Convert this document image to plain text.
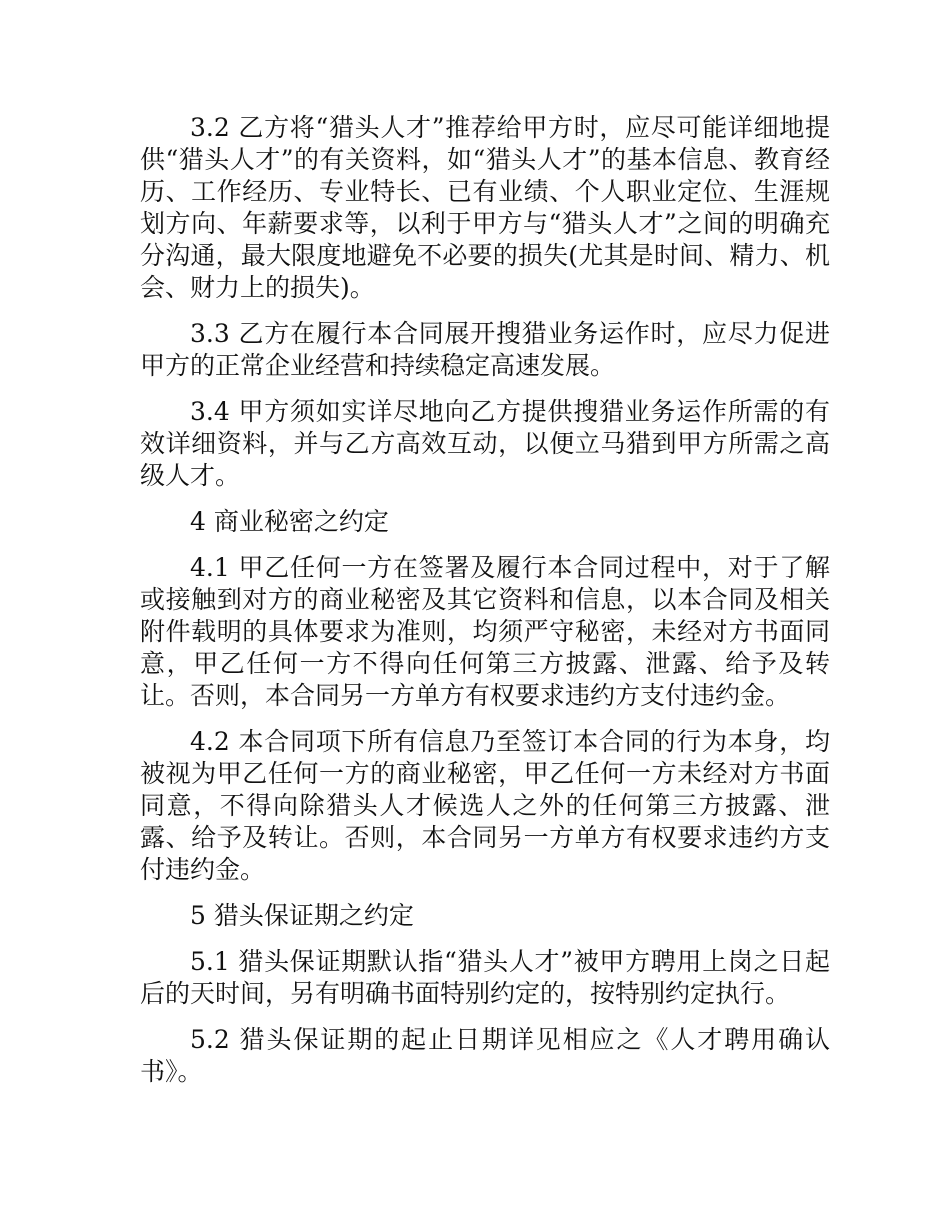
3.2 乙方将“猎头人才”推荐给甲方时，应尽可能详细地提供“猎头人才”的有关资料，如“猎头人才”的基本信息、教育经历、工作经历、专业特长、已有业绩、个人职业定位、生涯规划方向、年薪要求等，以利于甲方与“猎头人才”之间的明确充分沟通，最大限度地避免不必要的损失(尤其是时间、精力、机会、财力上的损失)。

3.3 乙方在履行本合同展开搜猎业务运作时，应尽力促进甲方的正常企业经营和持续稳定高速发展。

3.4 甲方须如实详尽地向乙方提供搜猎业务运作所需的有效详细资料，并与乙方高效互动，以便立马猎到甲方所需之高级人才。

4 商业秘密之约定

4.1 甲乙任何一方在签署及履行本合同过程中，对于了解或接触到对方的商业秘密及其它资料和信息，以本合同及相关附件载明的具体要求为准则，均须严守秘密，未经对方书面同意，甲乙任何一方不得向任何第三方披露、泄露、给予及转让。否则，本合同另一方单方有权要求违约方支付违约金。

4.2 本合同项下所有信息乃至签订本合同的行为本身，均被视为甲乙任何一方的商业秘密，甲乙任何一方未经对方书面同意，不得向除猎头人才候选人之外的任何第三方披露、泄露、给予及转让。否则，本合同另一方单方有权要求违约方支付违约金。

5 猎头保证期之约定

5.1 猎头保证期默认指“猎头人才”被甲方聘用上岗之日起后的天时间，另有明确书面特别约定的，按特别约定执行。

5.2 猎头保证期的起止日期详见相应之《人才聘用确认书》。
